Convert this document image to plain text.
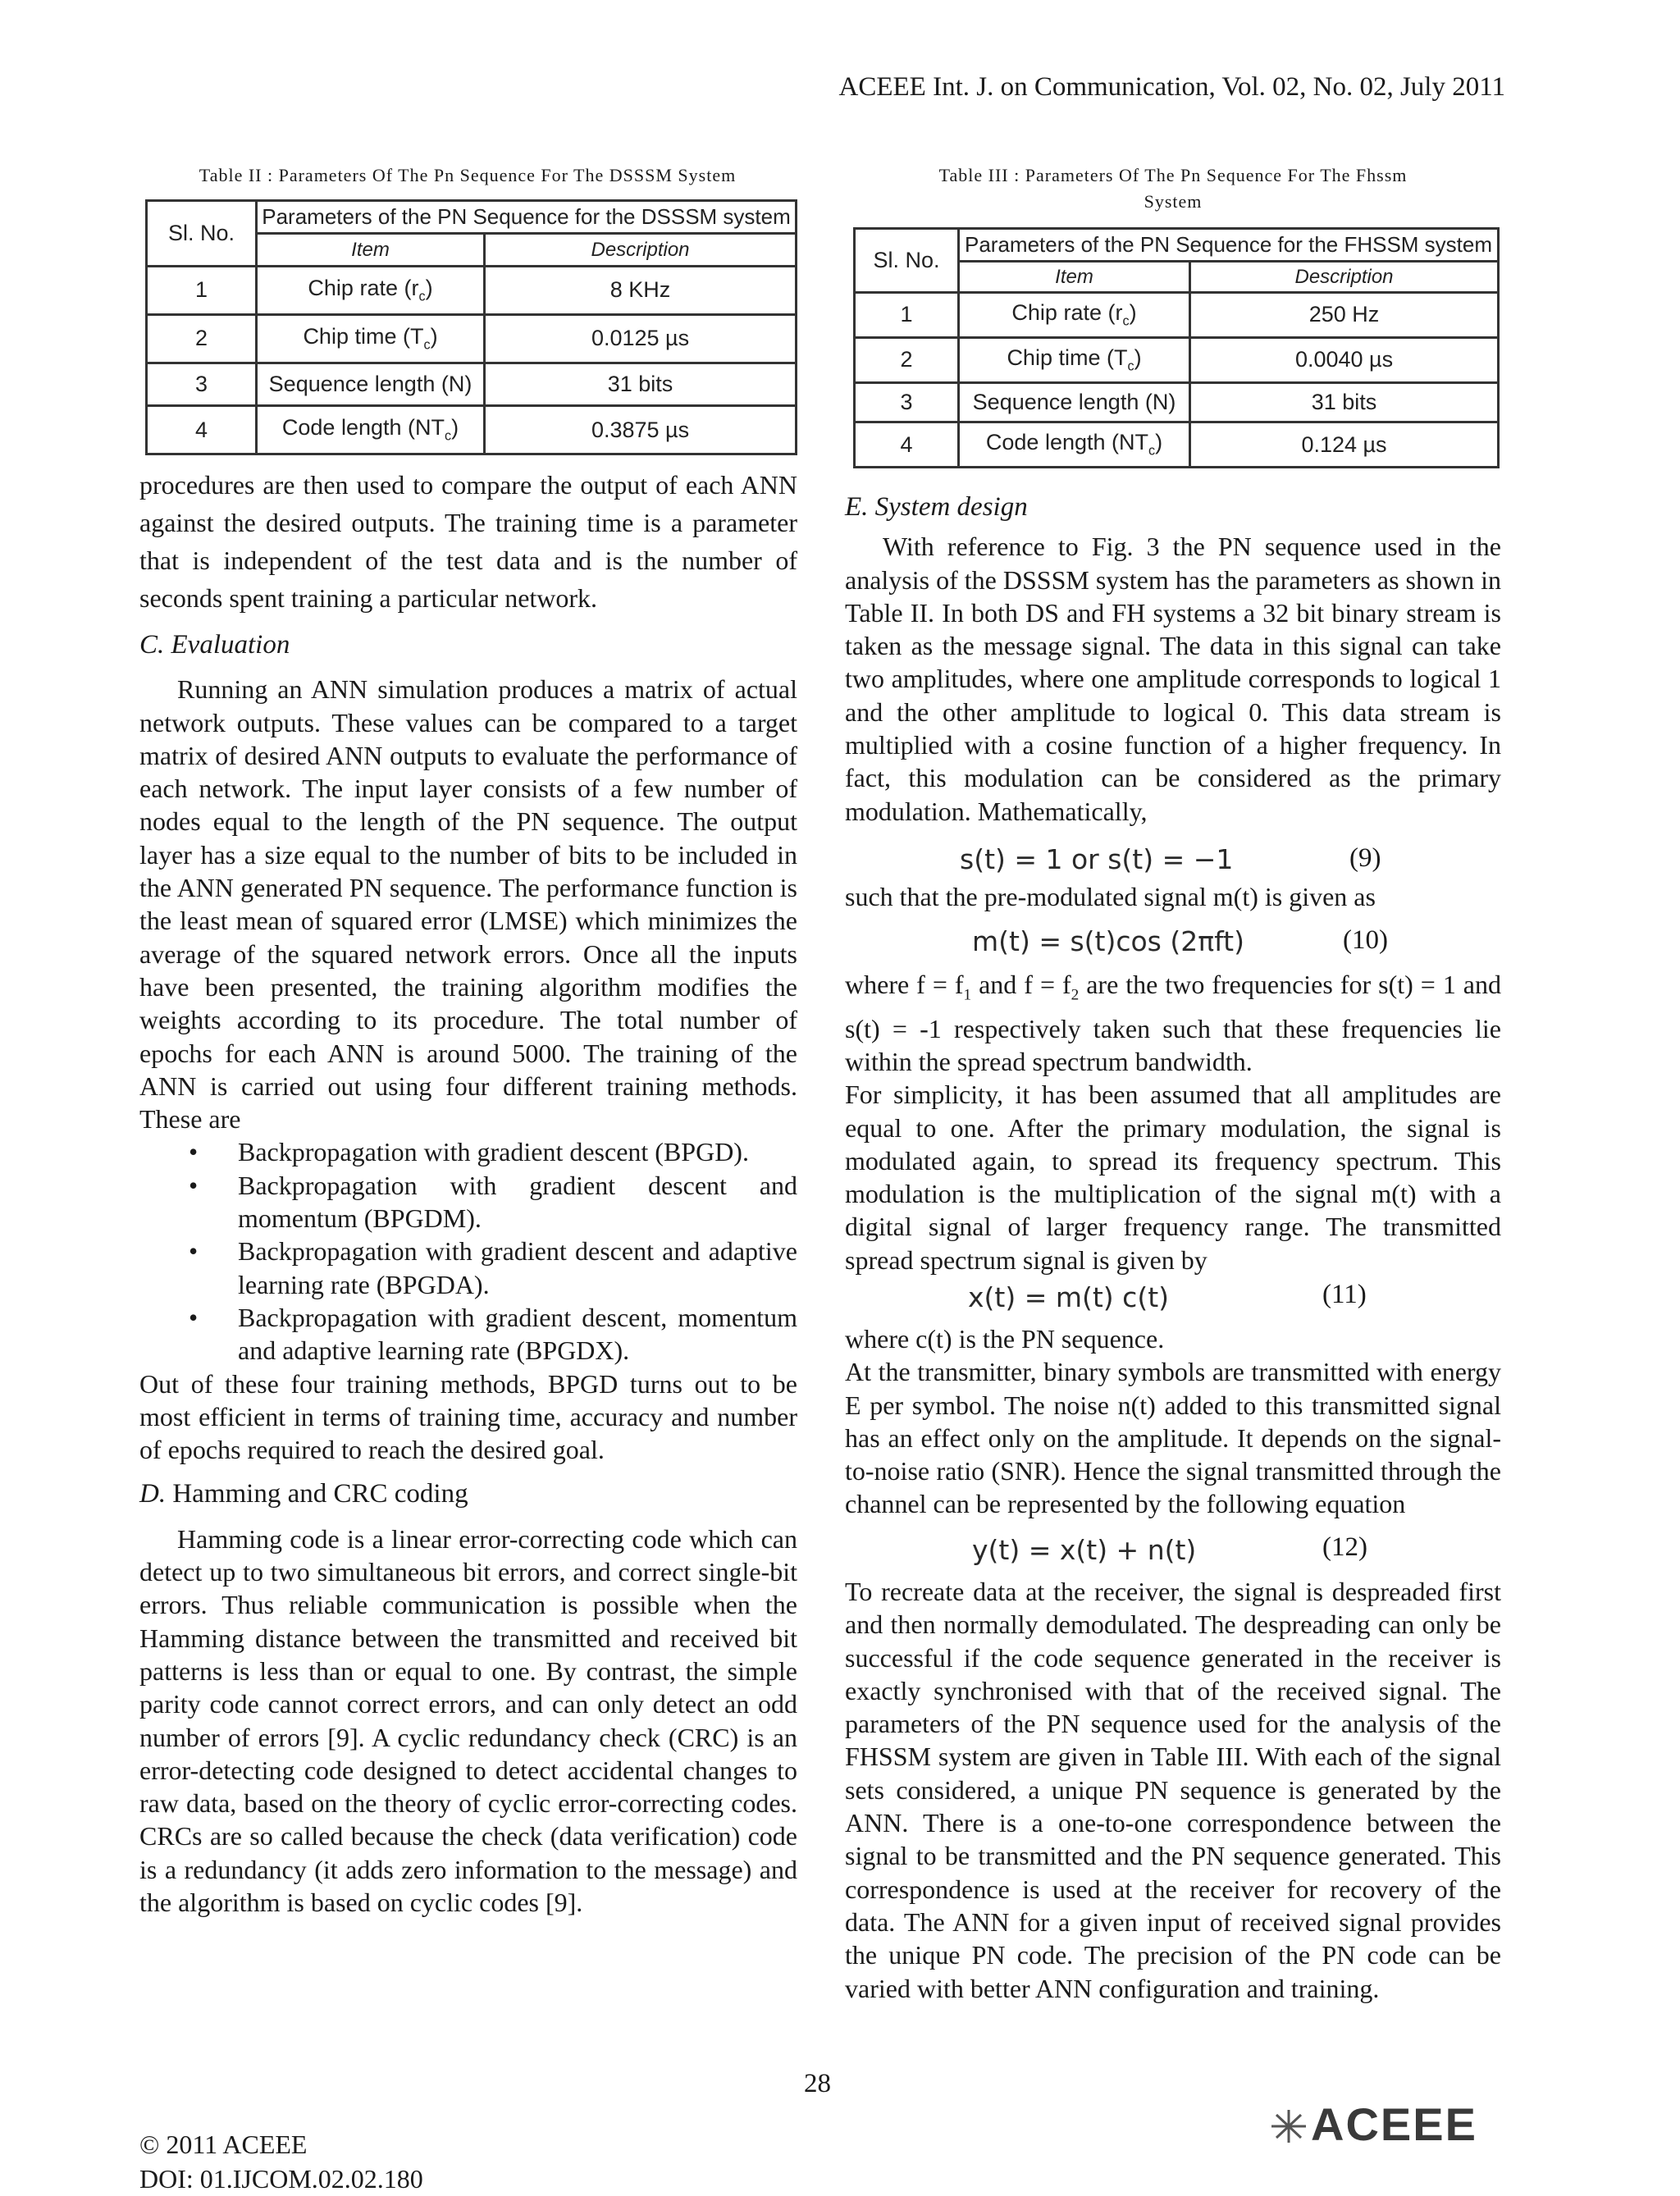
ACEEE Int. J. on Communication, Vol. 02, No. 02, July 2011
Table II : Parameters Of The Pn Sequence For The DSSSM System
Sl. No.	Parameters of the PN Sequence for the DSSSM system	
	Item	Description
1	Chip rate $(r_c)$	8 KHz
2	Chip time $(T_c)$	0.0125 µs
3	Sequence length (N)	31 bits
4	Code length $(NT_c)$	0.3875 µs
Table III : Parameters Of The Pn Sequence For The Fhssm
System
Sl. No.	Parameters of the PN Sequence for the FHSSM system	
	Item	Description
1	Chip rate $(r_c)$	250 Hz
2	Chip time $(T_c)$	0.0040 µs
3	Sequence length (N)	31 bits
4	Code length $(NT_c)$	0.124 µs

procedures are then used to compare the output of each ANN against the desired outputs. The training time is a parameter that is independent of the test data and is the number of seconds spent training a particular network.

C. Evaluation

Running an ANN simulation produces a matrix of actual network outputs. These values can be compared to a target matrix of desired ANN outputs to evaluate the performance of each network. The input layer consists of a few number of nodes equal to the length of the PN sequence. The output layer has a size equal to the number of bits to be included in the ANN generated PN sequence. The performance function is the least mean of squared error (LMSE) which minimizes the average of the squared network errors. Once all the inputs have been presented, the training algorithm modifies the weights according to its procedure. The total number of epochs for each ANN is around 5000. The training of the ANN is carried out using four different training methods. These are

• Backpropagation with gradient descent (BPGD).
• Backpropagation with gradient descent and momentum (BPGDM).
• Backpropagation with gradient descent and adaptive learning rate (BPGDA).
• Backpropagation with gradient descent, momentum and adaptive learning rate (BPGDX).

Out of these four training methods, BPGD turns out to be most efficient in terms of training time, accuracy and number of epochs required to reach the desired goal.

D. Hamming and CRC coding

Hamming code is a linear error-correcting code which can detect up to two simultaneous bit errors, and correct single-bit errors. Thus reliable communication is possible when the Hamming distance between the transmitted and received bit patterns is less than or equal to one. By contrast, the simple parity code cannot correct errors, and can only detect an odd number of errors [9]. A cyclic redundancy check (CRC) is an error-detecting code designed to detect accidental changes to raw data, based on the theory of cyclic error-correcting codes. CRCs are so called because the check (data verification) code is a redundancy (it adds zero information to the message) and the algorithm is based on cyclic codes [9].

E. System design

With reference to Fig. 3 the PN sequence used in the analysis of the DSSSM system has the parameters as shown in Table II. In both DS and FH systems a 32 bit binary stream is taken as the message signal. The data in this signal can take two amplitudes, where one amplitude corresponds to logical 1 and the other amplitude to logical 0. This data stream is multiplied with a cosine function of a higher frequency. In fact, this modulation can be considered as the primary modulation. Mathematically,

s(t) = 1 or s(t) = −1	(9)

such that the pre-modulated signal m(t) is given as

m(t) = s(t)cos (2πft)	(10)

where $f = f_1$ and $f = f_2$ are the two frequencies for s(t) = 1 and s(t) = -1 respectively taken such that these frequencies lie within the spread spectrum bandwidth.

For simplicity, it has been assumed that all amplitudes are equal to one. After the primary modulation, the signal is modulated again, to spread its frequency spectrum. This modulation is the multiplication of the signal m(t) with a digital signal of larger frequency range. The transmitted spread spectrum signal is given by

x(t) = m(t) c(t)	(11)

where c(t) is the PN sequence.

At the transmitter, binary symbols are transmitted with energy E per symbol. The noise n(t) added to this transmitted signal has an effect only on the amplitude. It depends on the signal-to-noise ratio (SNR). Hence the signal transmitted through the channel can be represented by the following equation

y(t) = x(t) + n(t)	(12)

To recreate data at the receiver, the signal is despreaded first and then normally demodulated. The despreading can only be successful if the code sequence generated in the receiver is exactly synchronised with that of the received signal. The parameters of the PN sequence used for the analysis of the FHSSM system are given in Table III. With each of the signal sets considered, a unique PN sequence is generated by the ANN. There is a one-to-one correspondence between the signal to be transmitted and the PN sequence generated. This correspondence is used at the receiver for recovery of the data. The ANN for a given input of received signal provides the unique PN code. The precision of the PN code can be varied with better ANN configuration and training.

28
© 2011 ACEEE
DOI: 01.IJCOM.02.02.180
ACEEE
